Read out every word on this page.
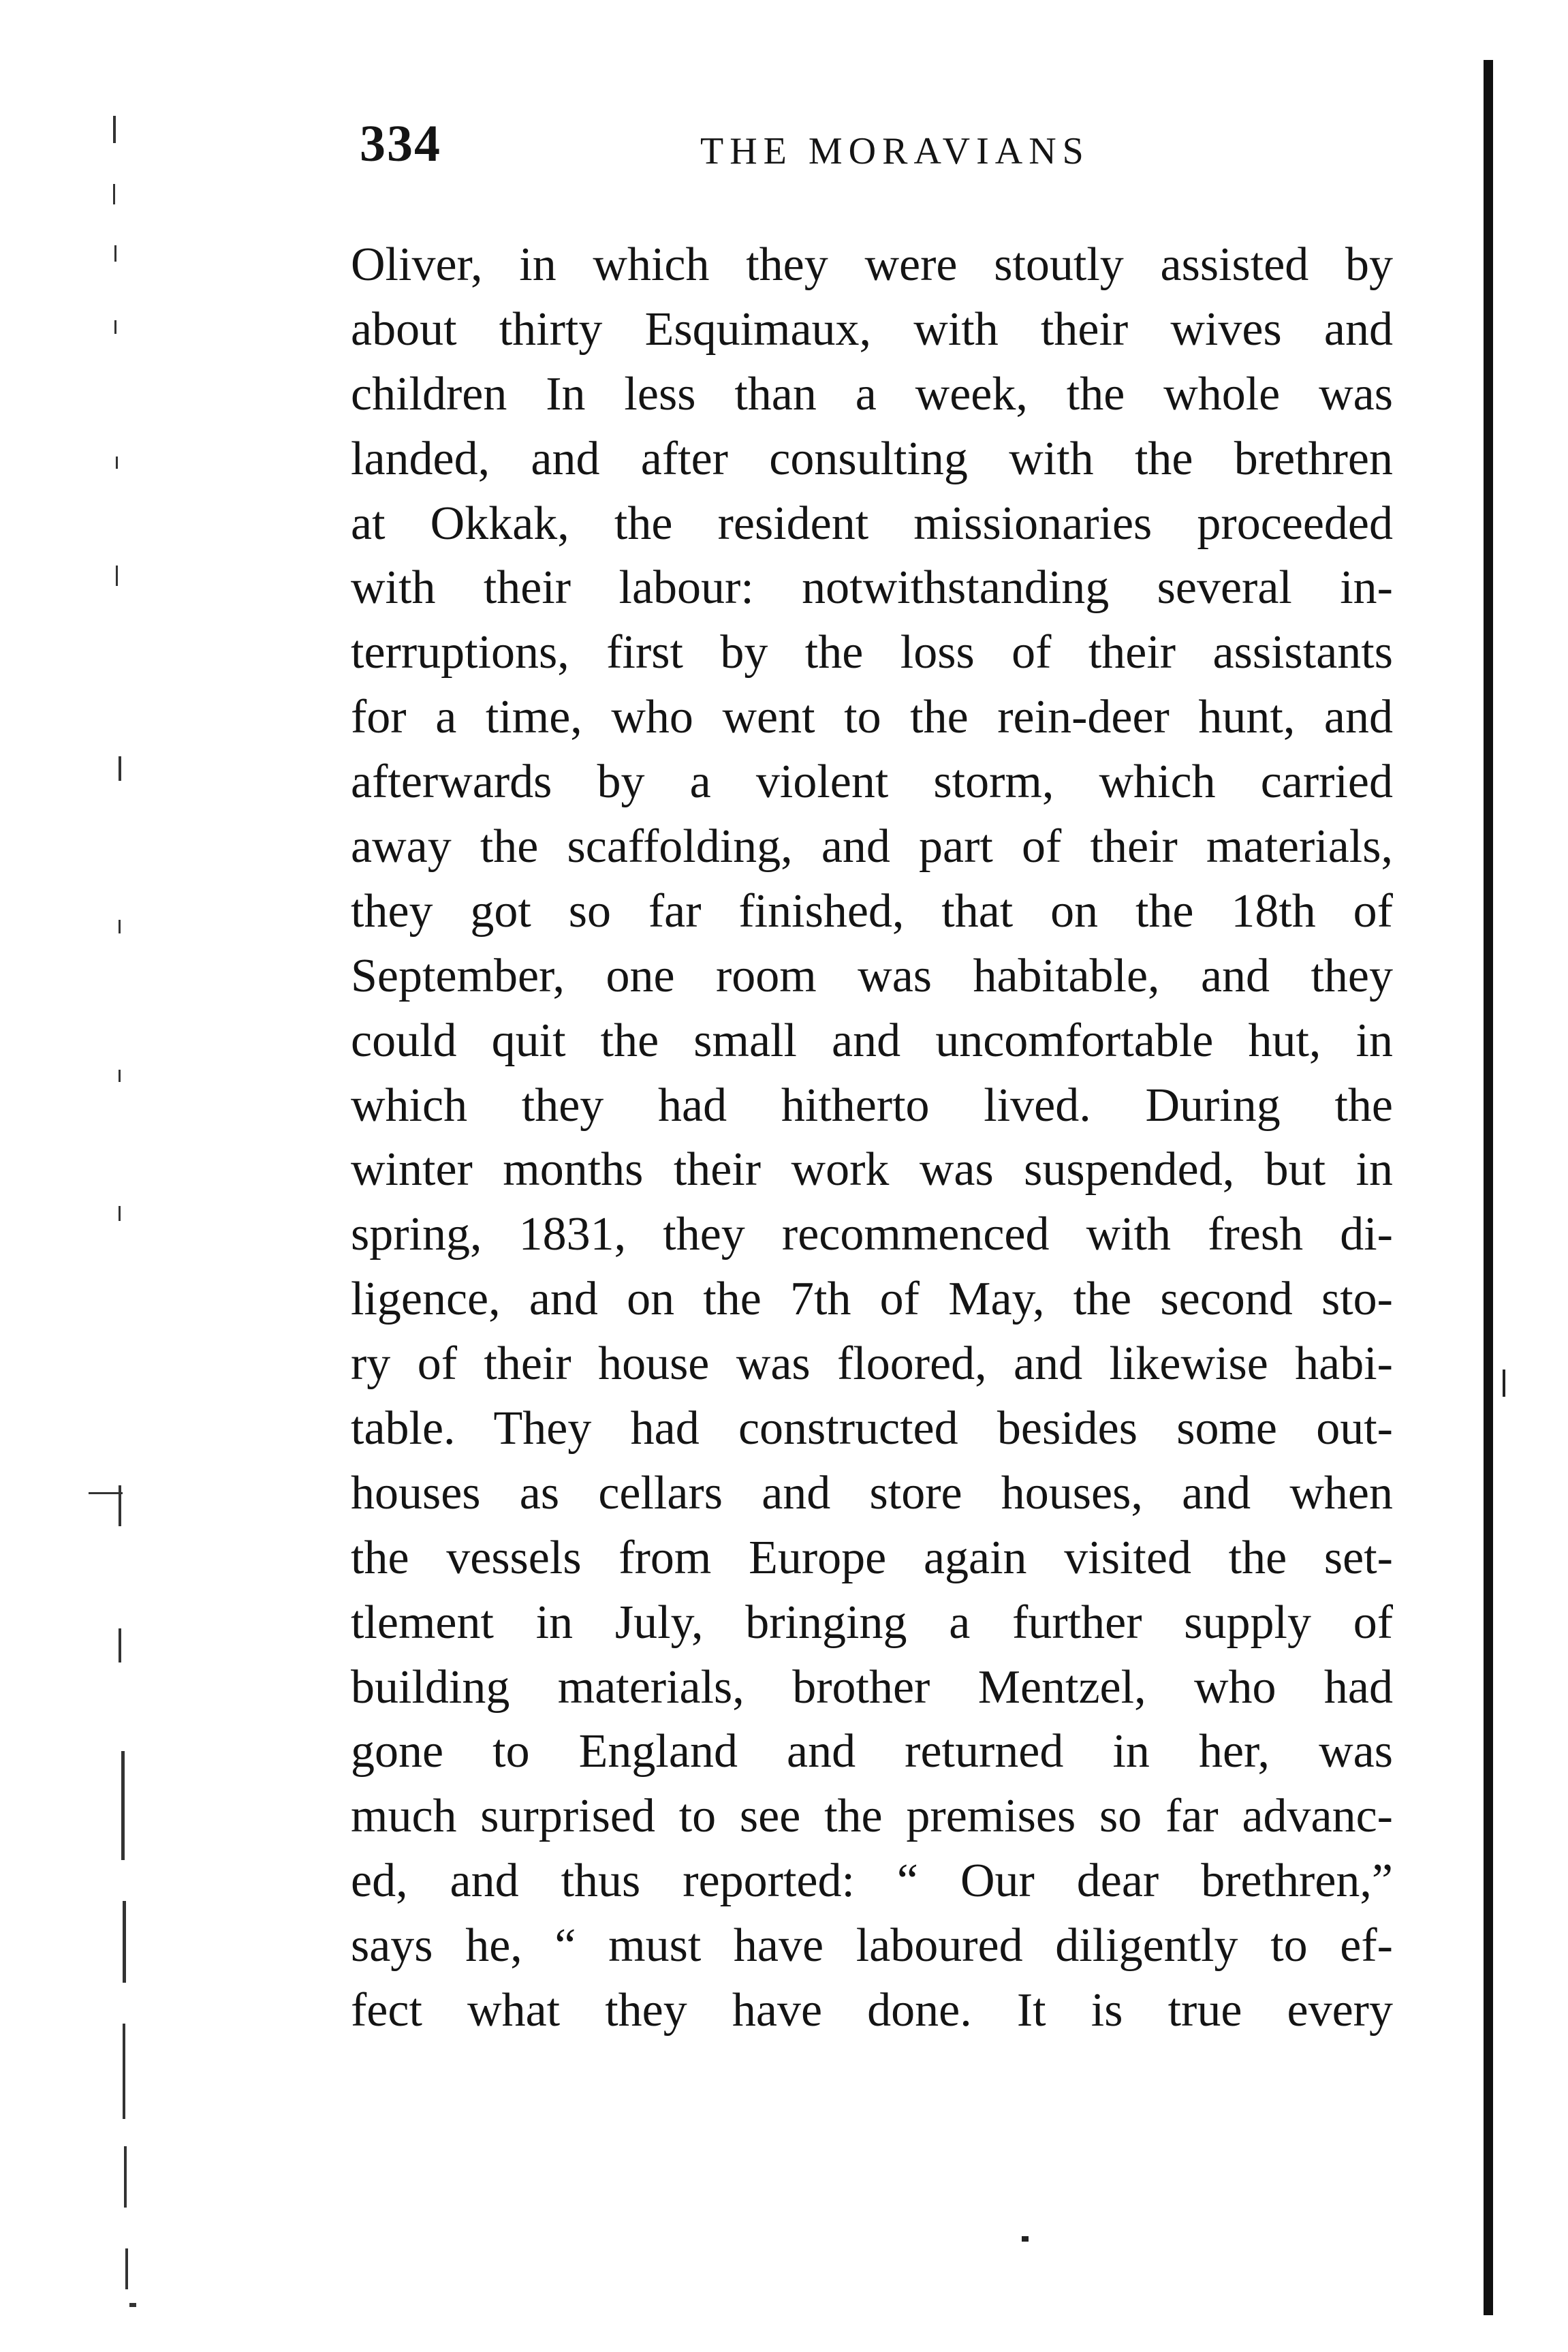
334	THE MORAVIANS
Oliver, in which they were stoutly assisted by
about thirty Esquimaux, with their wives and
children In less than a week, the whole was
landed, and after consulting with the brethren
at Okkak, the resident missionaries proceeded
with their labour: notwithstanding several in-
terruptions, first by the loss of their assistants
for a time, who went to the rein-deer hunt, and
afterwards by a violent storm, which carried
away the scaffolding, and part of their materials,
they got so far finished, that on the 18th of
September, one room was habitable, and they
could quit the small and uncomfortable hut, in
which they had hitherto lived. During the
winter months their work was suspended, but in
spring, 1831, they recommenced with fresh di-
ligence, and on the 7th of May, the second sto-
ry of their house was floored, and likewise habi-
table. They had constructed besides some out-
houses as cellars and store houses, and when
the vessels from Europe again visited the set-
tlement in July, bringing a further supply of
building materials, brother Mentzel, who had
gone to England and returned in her, was
much surprised to see the premises so far advanc-
ed, and thus reported: “ Our dear brethren,”
says he, “ must have laboured diligently to ef-
fect what they have done. It is true every
